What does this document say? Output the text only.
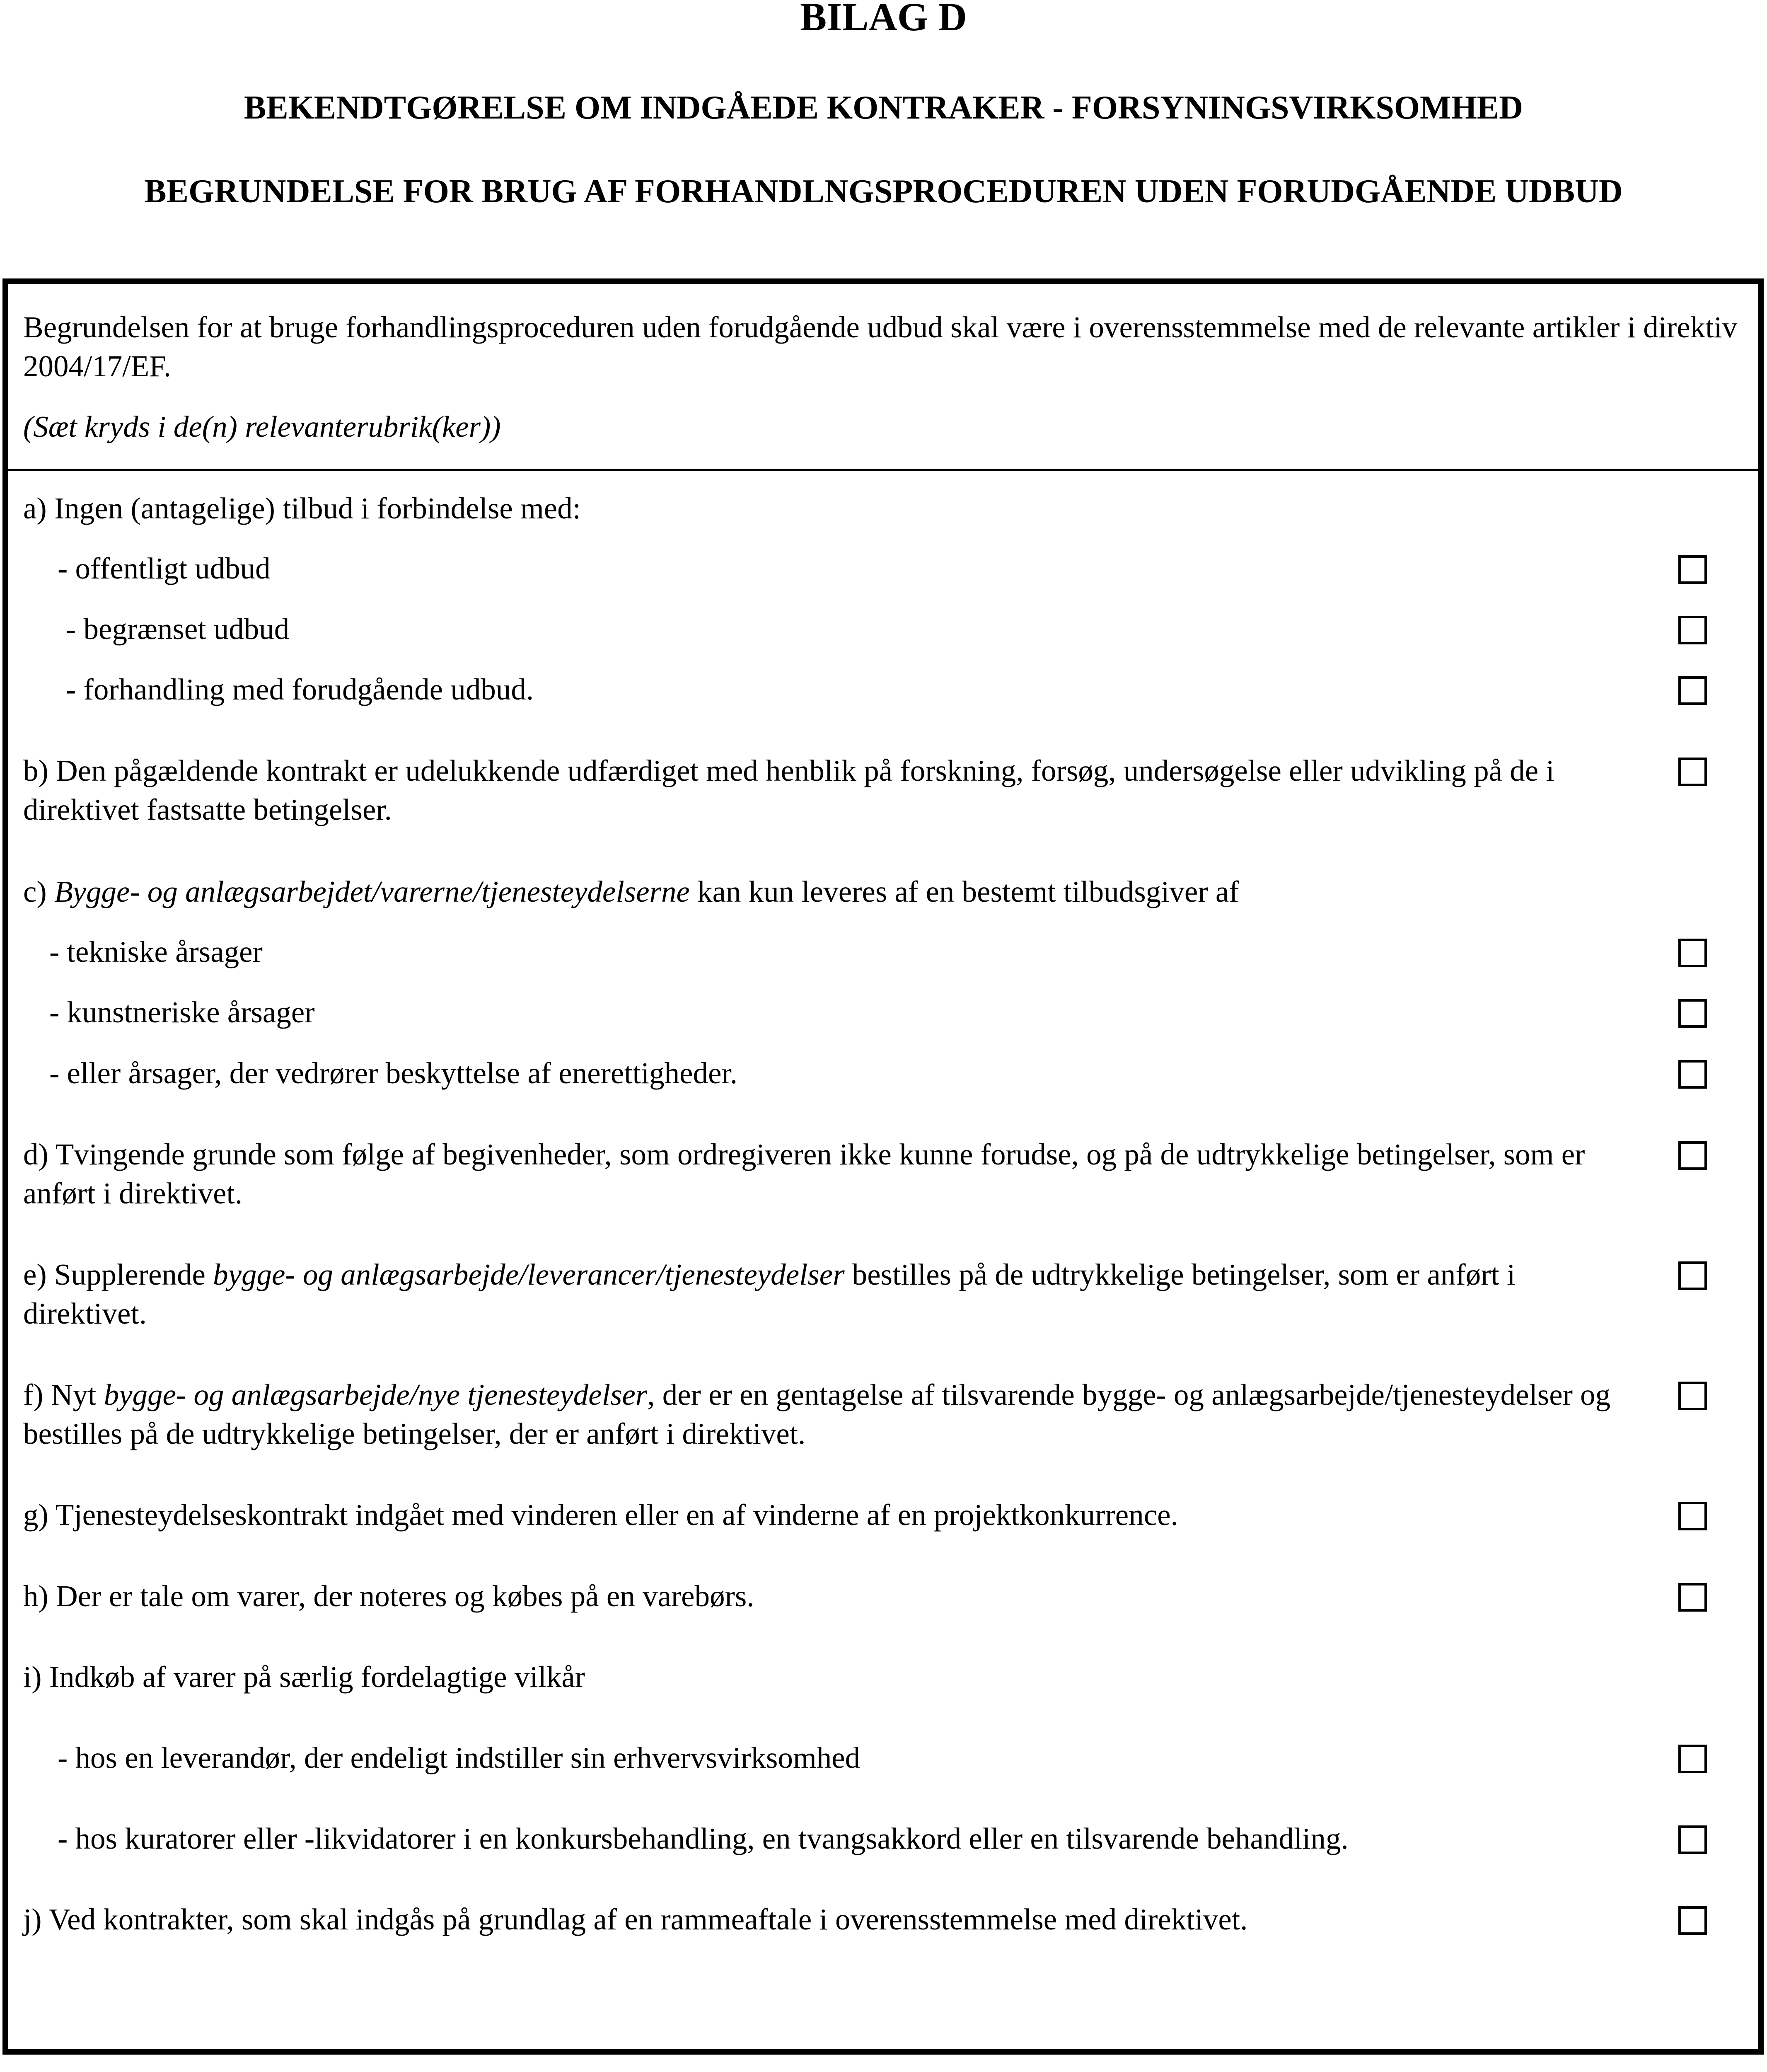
BILAG D
BEKENDTGØRELSE OM INDGÅEDE KONTRAKER - FORSYNINGSVIRKSOMHED
BEGRUNDELSE FOR BRUG AF FORHANDLNGSPROCEDUREN UDEN FORUDGÅENDE UDBUD
Begrundelsen for at bruge forhandlingsproceduren uden forudgående udbud skal være i overensstemmelse med de relevante artikler i direktiv 2004/17/EF.
(Sæt kryds i de(n) relevanterubrik(ker))
a) Ingen (antagelige) tilbud i forbindelse med:
- offentligt udbud
- begrænset udbud
- forhandling med forudgående udbud.
b) Den pågældende kontrakt er udelukkende udfærdiget med henblik på forskning, forsøg, undersøgelse eller udvikling på de i direktivet fastsatte betingelser.
c) Bygge- og anlægsarbejdet/varerne/tjenesteydelserne kan kun leveres af en bestemt tilbudsgiver af
- tekniske årsager
- kunstneriske årsager
- eller årsager, der vedrører beskyttelse af enerettigheder.
d) Tvingende grunde som følge af begivenheder, som ordregiveren ikke kunne forudse, og på de udtrykkelige betingelser, som er anført i direktivet.
e) Supplerende bygge- og anlægsarbejde/leverancer/tjenesteydelser bestilles på de udtrykkelige betingelser, som er anført i direktivet.
f) Nyt bygge- og anlægsarbejde/nye tjenesteydelser, der er en gentagelse af tilsvarende bygge- og anlægsarbejde/tjenesteydelser og bestilles på de udtrykkelige betingelser, der er anført i direktivet.
g) Tjenesteydelseskontrakt indgået med vinderen eller en af vinderne af en projektkonkurrence.
h) Der er tale om varer, der noteres og købes på en varebørs.
i) Indkøb af varer på særlig fordelagtige vilkår
- hos en leverandør, der endeligt indstiller sin erhvervsvirksomhed
- hos kuratorer eller -likvidatorer i en konkursbehandling, en tvangsakkord eller en tilsvarende behandling.
j) Ved kontrakter, som skal indgås på grundlag af en rammeaftale i overensstemmelse med direktivet.
